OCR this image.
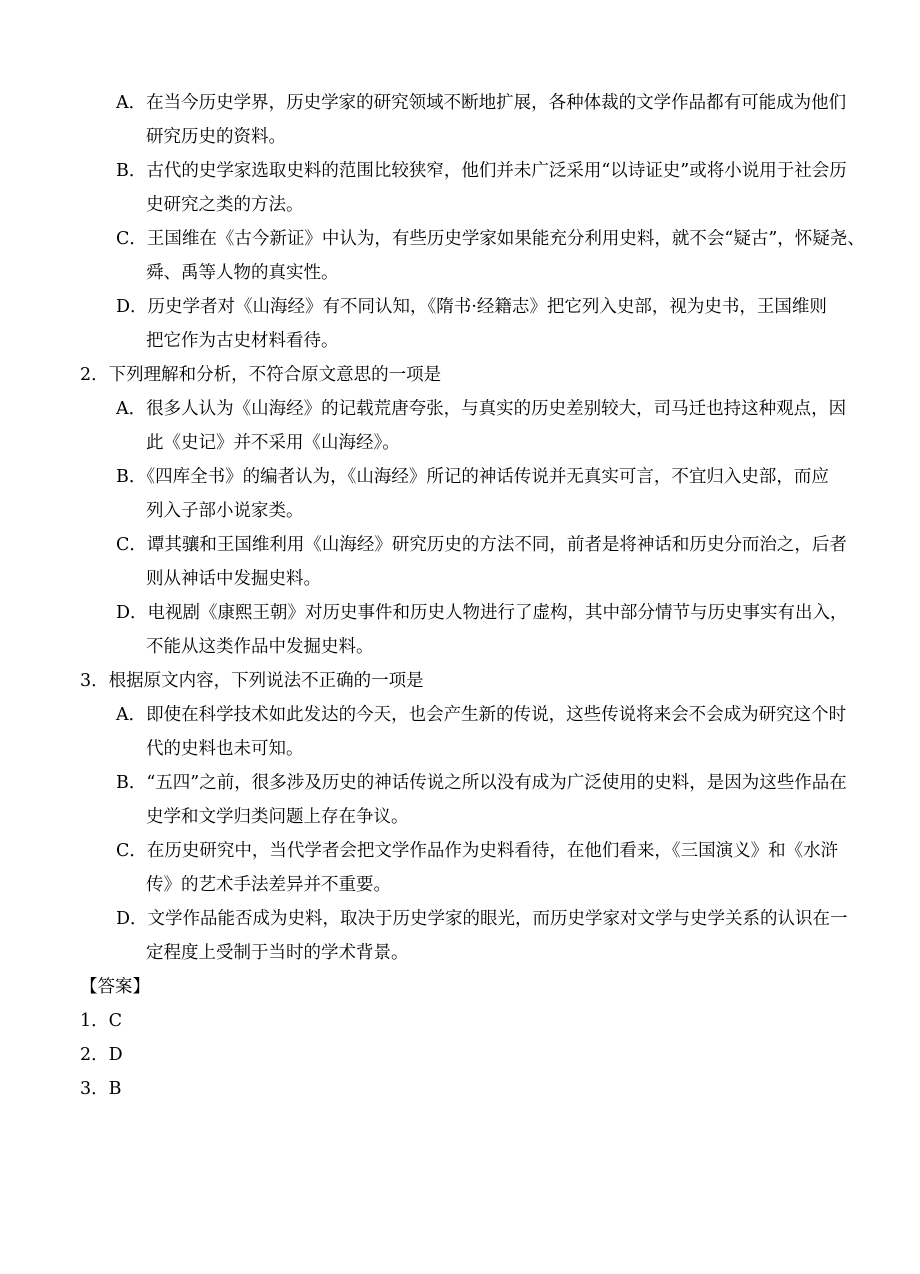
A．在当今历史学界，历史学家的研究领域不断地扩展，各种体裁的文学作品都有可能成为他们
研究历史的资料。
B．古代的史学家选取史料的范围比较狭窄，他们并未广泛采用“以诗证史”或将小说用于社会历
史研究之类的方法。
C．王国维在《古今新证》中认为，有些历史学家如果能充分利用史料，就不会“疑古”，怀疑尧、
舜、禹等人物的真实性。
D．历史学者对《山海经》有不同认知，《隋书·经籍志》把它列入史部，视为史书，王国维则
把它作为古史材料看待。
2．下列理解和分析，不符合原文意思的一项是
A．很多人认为《山海经》的记载荒唐夸张，与真实的历史差别较大，司马迁也持这种观点，因
此《史记》并不采用《山海经》。
B．《四库全书》的编者认为，《山海经》所记的神话传说并无真实可言，不宜归入史部，而应
列入子部小说家类。
C．谭其骧和王国维利用《山海经》研究历史的方法不同，前者是将神话和历史分而治之，后者
则从神话中发掘史料。
D．电视剧《康熙王朝》对历史事件和历史人物进行了虚构，其中部分情节与历史事实有出入，
不能从这类作品中发掘史料。
3．根据原文内容，下列说法不正确的一项是
A．即使在科学技术如此发达的今天，也会产生新的传说，这些传说将来会不会成为研究这个时
代的史料也未可知。
B．“五四”之前，很多涉及历史的神话传说之所以没有成为广泛使用的史料，是因为这些作品在
史学和文学归类问题上存在争议。
C．在历史研究中，当代学者会把文学作品作为史料看待，在他们看来，《三国演义》和《水浒
传》的艺术手法差异并不重要。
D．文学作品能否成为史料，取决于历史学家的眼光，而历史学家对文学与史学关系的认识在一
定程度上受制于当时的学术背景。
【答案】
1．C
2．D
3．B
